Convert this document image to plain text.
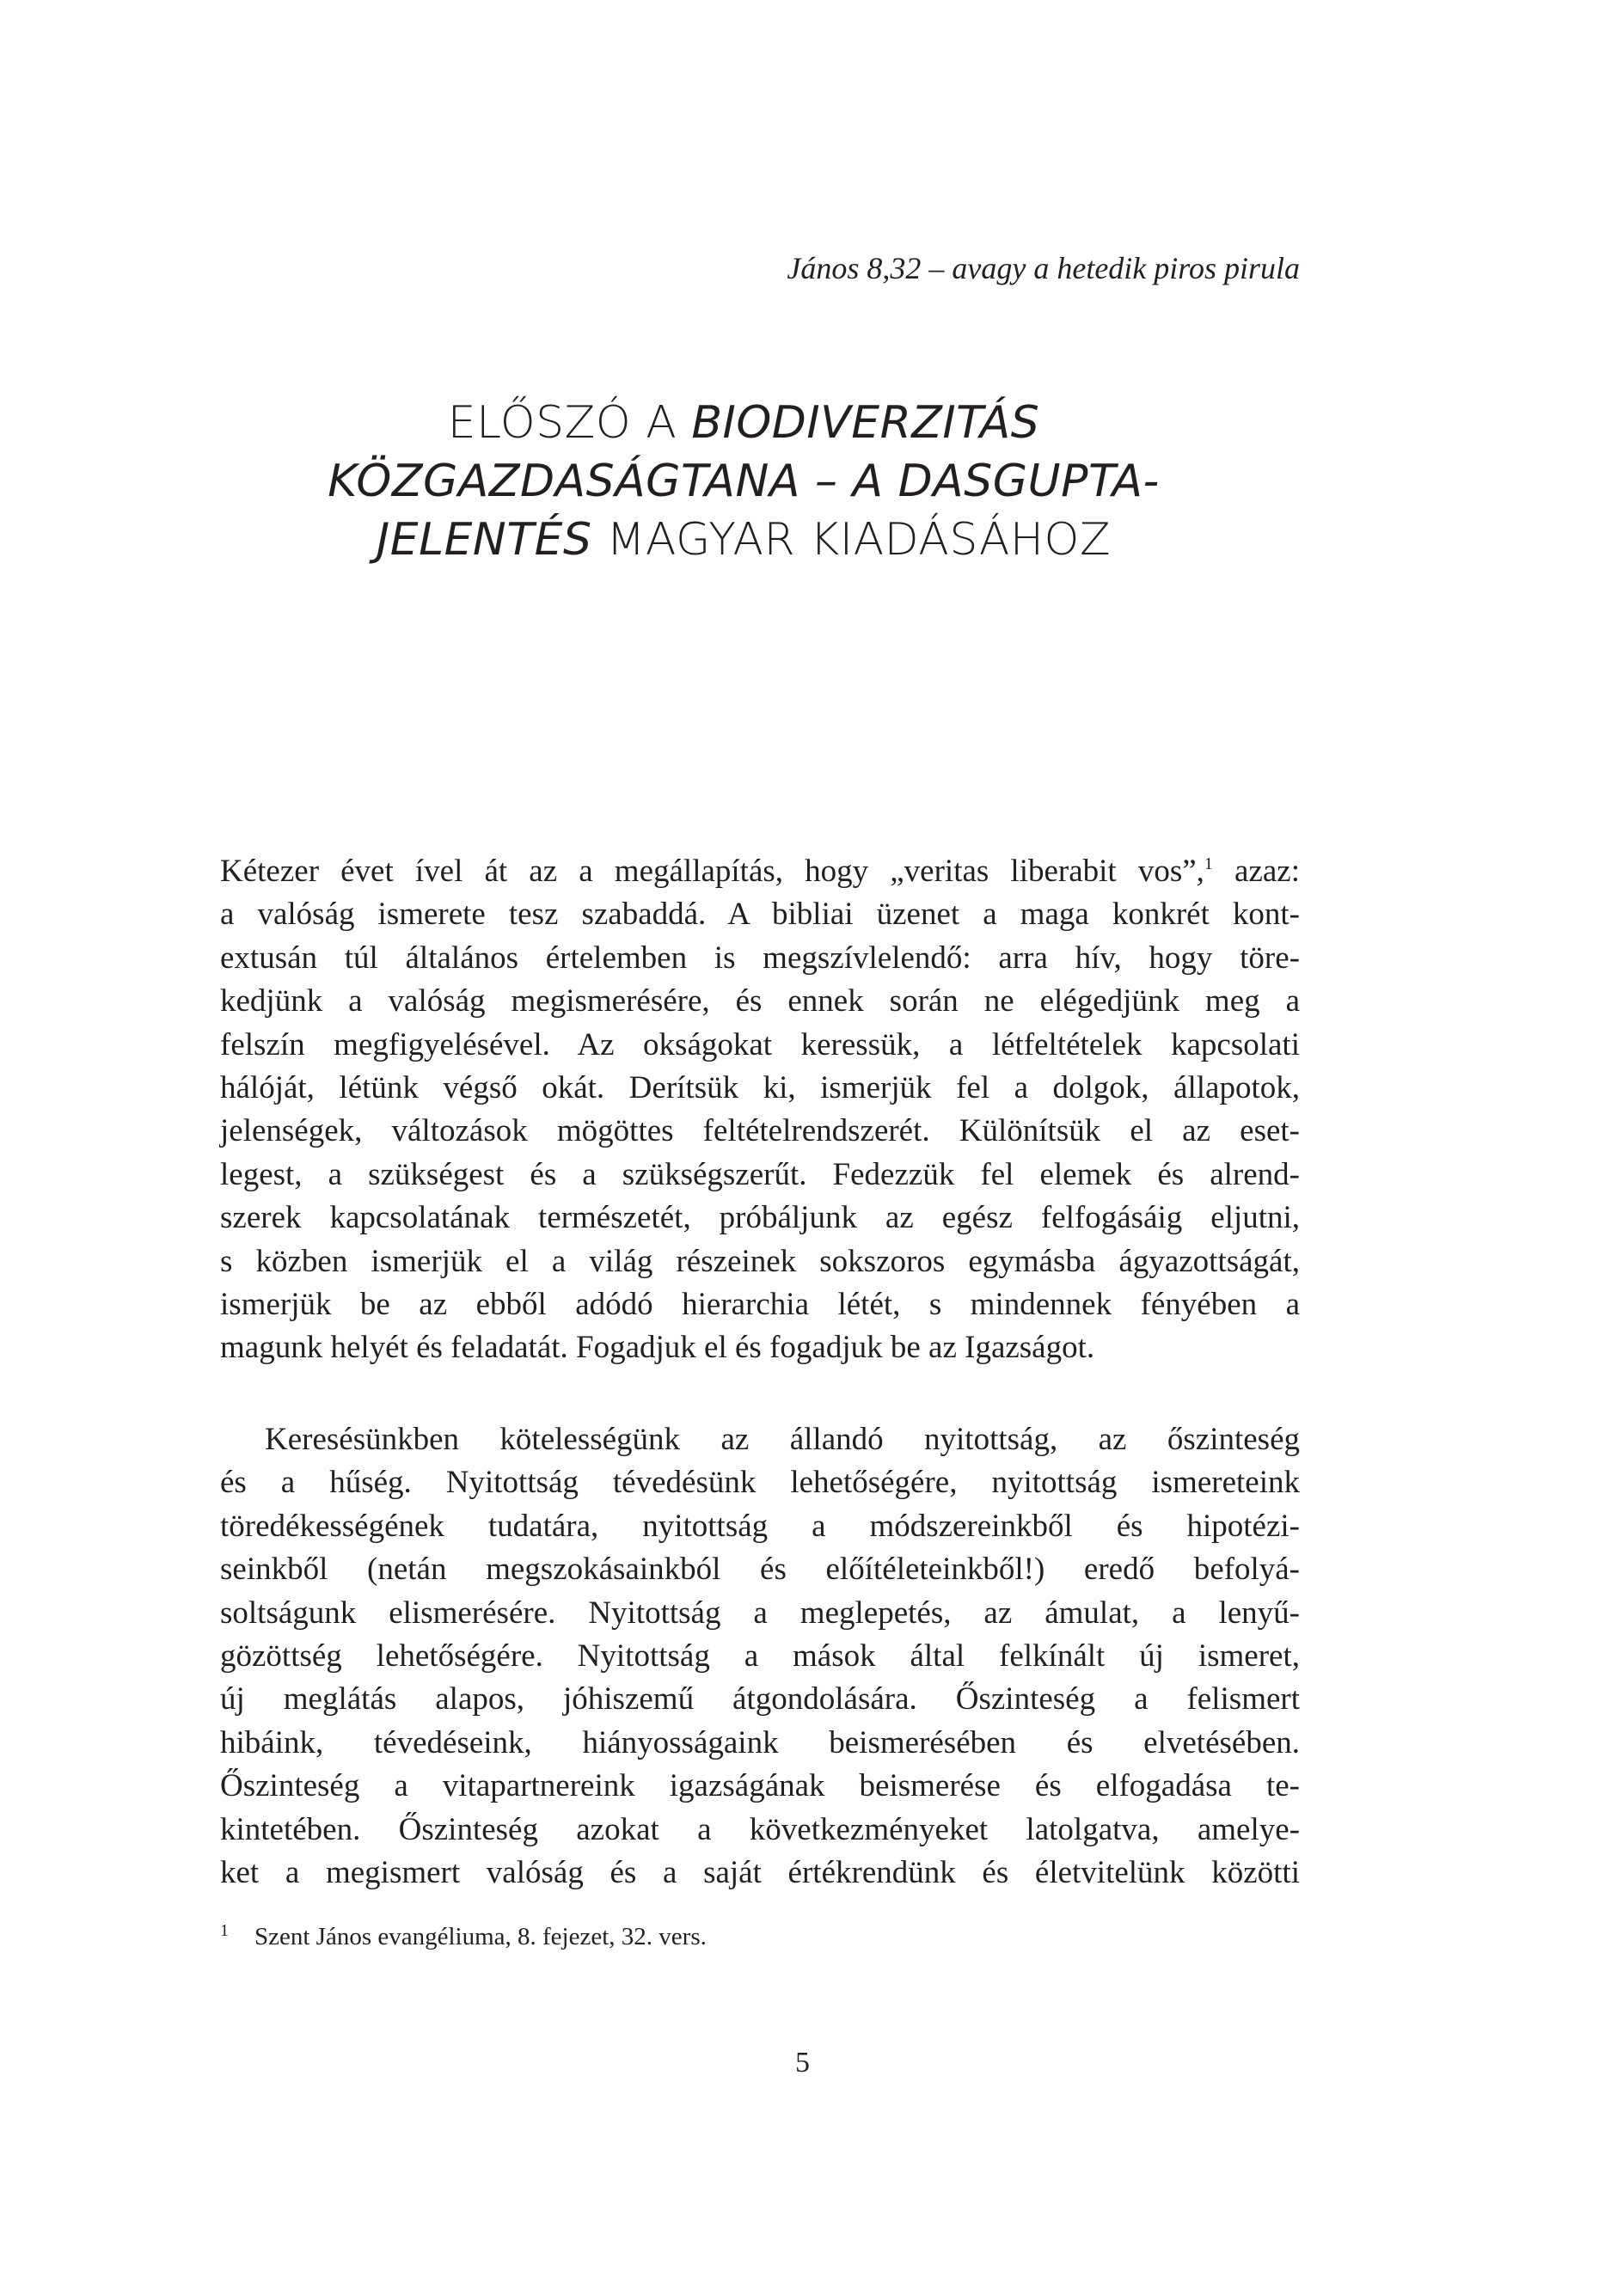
János 8,32 – avagy a hetedik piros pirula
ELŐSZÓ A BIODIVERZITÁS
KÖZGAZDASÁGTANA – A DASGUPTA-
JELENTÉS MAGYAR KIADÁSÁHOZ

Kétezer évet ível át az a megállapítás, hogy „veritas liberabit vos”,$^1$ azaz:
a valóság ismerete tesz szabaddá. A bibliai üzenet a maga konkrét kont-
extusán túl általános értelemben is megszívlelendő: arra hív, hogy töre-
kedjünk a valóság megismerésére, és ennek során ne elégedjünk meg a
felszín megfigyelésével. Az okságokat keressük, a létfeltételek kapcsolati
hálóját, létünk végső okát. Derítsük ki, ismerjük fel a dolgok, állapotok,
jelenségek, változások mögöttes feltételrendszerét. Különítsük el az eset-
legest, a szükségest és a szükségszerűt. Fedezzük fel elemek és alrend-
szerek kapcsolatának természetét, próbáljunk az egész felfogásáig eljutni,
s közben ismerjük el a világ részeinek sokszoros egymásba ágyazottságát,
ismerjük be az ebből adódó hierarchia létét, s mindennek fényében a
magunk helyét és feladatát. Fogadjuk el és fogadjuk be az Igazságot.

Keresésünkben kötelességünk az állandó nyitottság, az őszinteség
és a hűség. Nyitottság tévedésünk lehetőségére, nyitottság ismereteink
töredékességének tudatára, nyitottság a módszereinkből és hipotézi-
seinkből (netán megszokásainkból és előítéleteinkből!) eredő befolyá-
soltságunk elismerésére. Nyitottság a meglepetés, az ámulat, a lenyű-
gözöttség lehetőségére. Nyitottság a mások által felkínált új ismeret,
új meglátás alapos, jóhiszemű átgondolására. Őszinteség a felismert
hibáink, tévedéseink, hiányosságaink beismerésében és elvetésében.
Őszinteség a vitapartnereink igazságának beismerése és elfogadása te-
kintetében. Őszinteség azokat a következményeket latolgatva, amelye-
ket a megismert valóság és a saját értékrendünk és életvitelünk közötti

1 Szent János evangéliuma, 8. fejezet, 32. vers.
5
